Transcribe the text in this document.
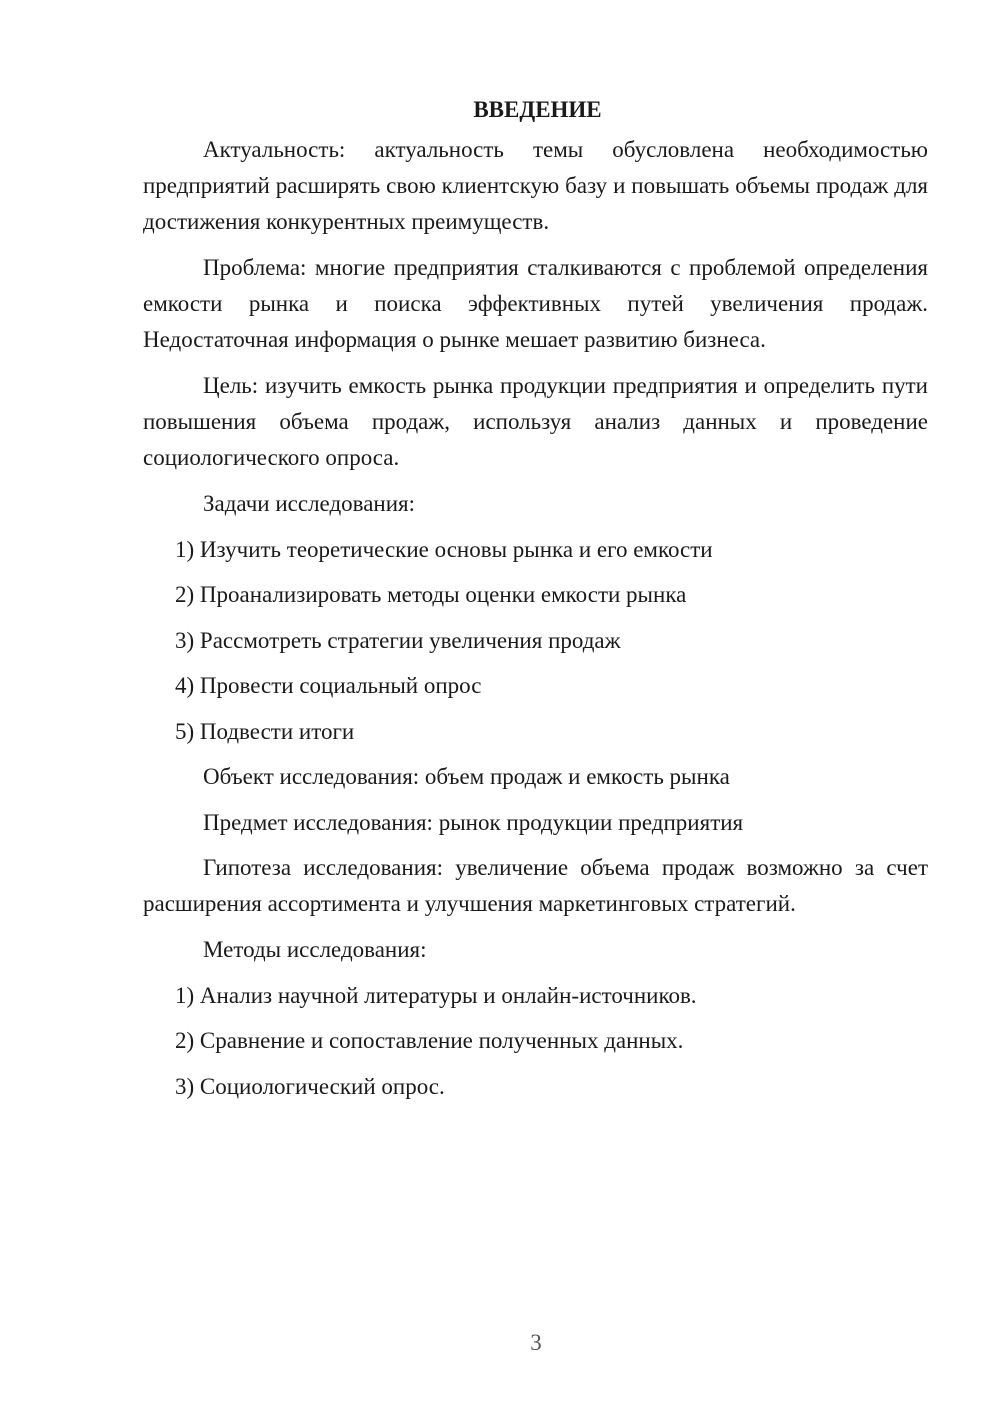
ВВЕДЕНИЕ

Актуальность: актуальность темы обусловлена необходимостью предприятий расширять свою клиентскую базу и повышать объемы продаж для достижения конкурентных преимуществ.

Проблема: многие предприятия сталкиваются с проблемой определения емкости рынка и поиска эффективных путей увеличения продаж. Недостаточная информация о рынке мешает развитию бизнеса.

Цель: изучить емкость рынка продукции предприятия и определить пути повышения объема продаж, используя анализ данных и проведение социологического опроса.

Задачи исследования:
1) Изучить теоретические основы рынка и его емкости
2) Проанализировать методы оценки емкости рынка
3) Рассмотреть стратегии увеличения продаж
4) Провести социальный опрос
5) Подвести итоги
Объект исследования: объем продаж и емкость рынка
Предмет исследования: рынок продукции предприятия

Гипотеза исследования: увеличение объема продаж возможно за счет расширения ассортимента и улучшения маркетинговых стратегий.

Методы исследования:
1) Анализ научной литературы и онлайн-источников.
2) Сравнение и сопоставление полученных данных.
3) Социологический опрос.
3
